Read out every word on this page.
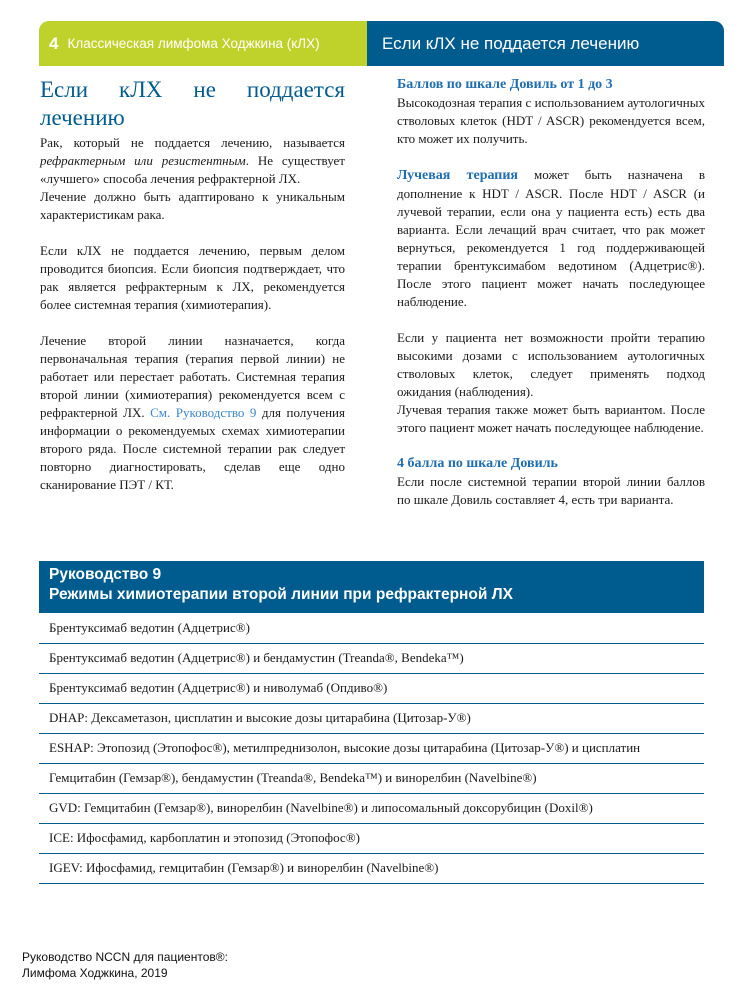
4 Классическая лимфома Ходжкина (кЛХ)	Если кЛХ не поддается лечению
Если кЛХ не поддается
лечению

Рак, который не поддается лечению, называется рефрактерным или резистентным. Не существует «лучшего» способа лечения рефрактерной ЛХ.

Лечение должно быть адаптировано к уникальным характеристикам рака.

Если кЛХ не поддается лечению, первым делом проводится биопсия. Если биопсия подтверждает, что рак является рефрактерным к ЛХ, рекомендуется более системная терапия (химиотерапия).

Лечение второй линии назначается, когда первоначальная терапия (терапия первой линии) не работает или перестает работать. Системная терапия второй линии (химиотерапия) рекомендуется всем с рефрактерной ЛХ. См. Руководство 9 для получения информации о рекомендуемых схемах химиотерапии второго ряда. После системной терапии рак следует повторно диагностировать, сделав еще одно сканирование ПЭТ / КТ.

Баллов по шкале Довиль от 1 до 3

Высокодозная терапия с использованием аутологичных стволовых клеток (HDT / ASCR) рекомендуется всем, кто может их получить.

Лучевая терапия может быть назначена в дополнение к HDT / ASCR. После HDT / ASCR (и лучевой терапии, если она у пациента есть) есть два варианта. Если лечащий врач считает, что рак может вернуться, рекомендуется 1 год поддерживающей терапии брентуксимабом ведотином (Адцетрис®). После этого пациент может начать последующее наблюдение.

Если у пациента нет возможности пройти терапию высокими дозами с использованием аутологичных стволовых клеток, следует применять подход ожидания (наблюдения).

Лучевая терапия также может быть вариантом. После этого пациент может начать последующее наблюдение.

4 балла по шкале Довиль

Если после системной терапии второй линии баллов по шкале Довиль составляет 4, есть три варианта.

Руководство 9
Режимы химиотерапии второй линии при рефрактерной ЛХ
Брентуксимаб ведотин (Адцетрис®)
Брентуксимаб ведотин (Адцетрис®) и бендамустин (Treanda®, Bendeka™)
Брентуксимаб ведотин (Адцетрис®) и ниволумаб (Опдиво®)
DHAP: Дексаметазон, цисплатин и высокие дозы цитарабина (Цитозар-У®)
ESHAP: Этопозид (Этопофос®), метилпреднизолон, высокие дозы цитарабина (Цитозар-У®) и цисплатин
Гемцитабин (Гемзар®), бендамустин (Treanda®, Bendeka™) и винорелбин (Navelbine®)
GVD: Гемцитабин (Гемзар®), винорелбин (Navelbine®) и липосомальный доксорубицин (Doxil®)
ICE: Ифосфамид, карбоплатин и этопозид (Этопофос®)
IGEV: Ифосфамид, гемцитабин (Гемзар®) и винорелбин (Navelbine®)
Руководство NCCN для пациентов®:
Лимфома Ходжкина, 2019
